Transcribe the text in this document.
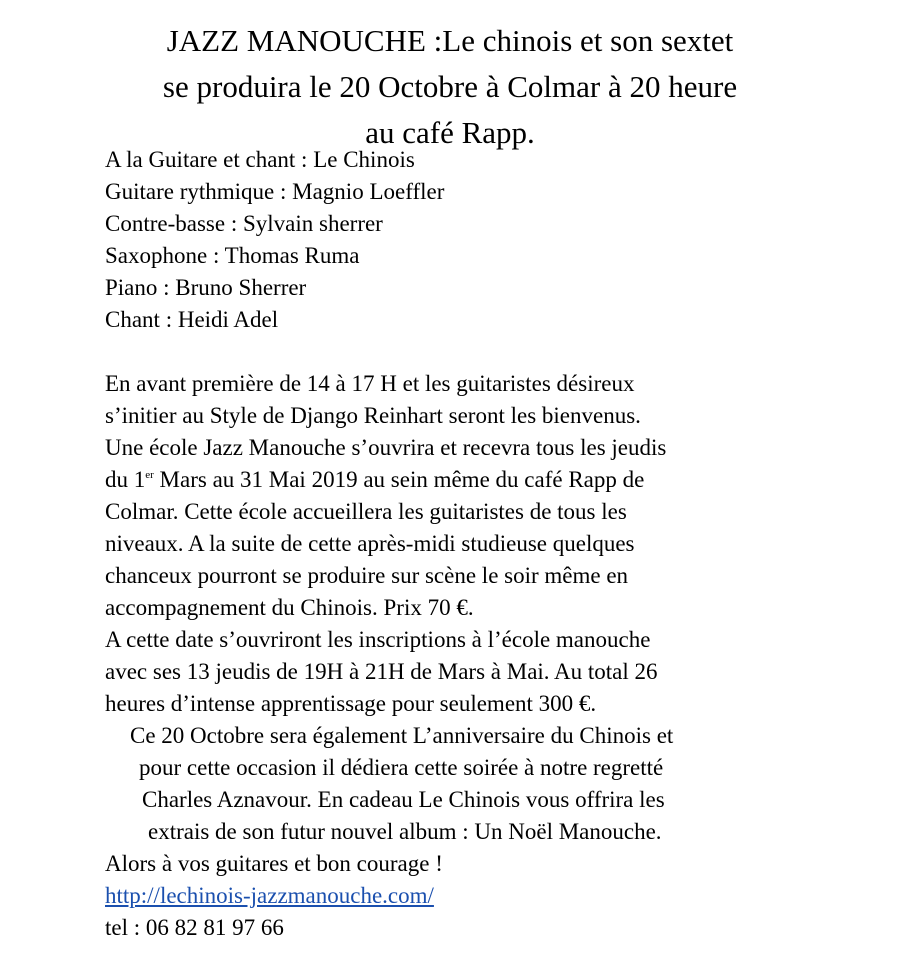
JAZZ MANOUCHE :Le chinois et son sextet
se produira le 20 Octobre à Colmar à 20 heure
au café Rapp.
A la Guitare et chant : Le Chinois
Guitare rythmique : Magnio Loeffler
Contre-basse : Sylvain sherrer
Saxophone : Thomas Ruma
Piano : Bruno Sherrer
Chant : Heidi Adel
En avant première de 14 à 17 H et les guitaristes désireux
s’initier au Style de Django Reinhart seront les bienvenus.
Une école Jazz Manouche s’ouvrira et recevra tous les jeudis
du 1er Mars au 31 Mai 2019 au sein même du café Rapp de
Colmar. Cette école accueillera les guitaristes de tous les
niveaux. A la suite de cette après-midi studieuse quelques
chanceux pourront se produire sur scène le soir même en
accompagnement du Chinois. Prix 70 €.
A cette date s’ouvriront les inscriptions à l’école manouche
avec ses 13 jeudis de 19H à 21H de Mars à Mai. Au total 26
heures d’intense apprentissage pour seulement 300 €.
Ce 20 Octobre sera également L’anniversaire du Chinois et
pour cette occasion il dédiera cette soirée à notre regretté
Charles Aznavour. En cadeau Le Chinois vous offrira les
extrais de son futur nouvel album : Un Noël Manouche.
Alors à vos guitares et bon courage !
http://lechinois-jazzmanouche.com/
tel : 06 82 81 97 66
